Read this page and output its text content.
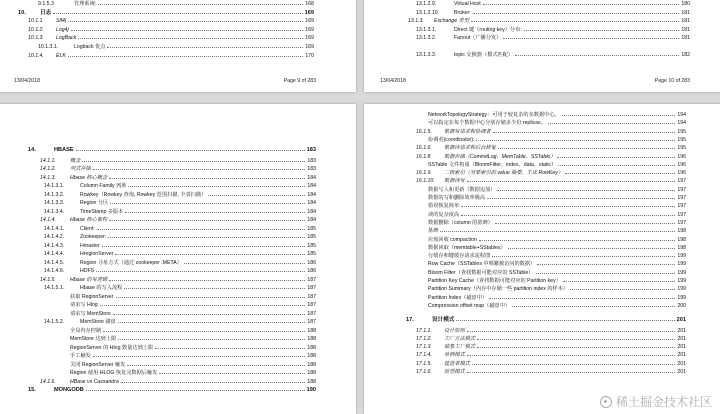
9.1.5.3	管理系统:	168
10.	日志	169
10.1.1.	Slf4j	169
10.1.2.	Log4j	169
10.1.3.	LogBack	169
10.1.3.1.	Logback 优点	169
10.1.4.	ELK	170
13/04/2018	Page 9 of 283
13.1.2.9.	Virtual Host	180
13.1.2.10.	Broker:	181
13.1.3.	Exchange 类型	181
13.1.3.1.	Direct 键（routing key）分布:	181
13.1.3.2.	Fanout（广播分发）	181
13.1.3.3.	topic 交换器（模式匹配）	182
13/04/2018	Page 10 of 283
14.	HBASE	183
14.1.1.	概念	183
14.1.2.	列式存储	183
14.1.3.	Hbase 核心概念	184
14.1.3.1.	Column Family 列族	184
14.1.3.2.	Rowkey（Rowkey 查询, Rowkey 范围扫描, 全表扫描）	184
14.1.3.3.	Region 分区	184
14.1.3.4.	TimeStamp 多版本	184
14.1.4.	Hbase 核心架构	184
14.1.4.1.	Client:	185
14.1.4.2.	Zookeeper:	185
14.1.4.3.	Hmaster	185
14.1.4.4.	HregionServer	185
14.1.4.5.	Region 寻址方式（通过 zookeeper .META）	186
14.1.4.6.	HDFS	186
14.1.5.	Hbase 的写逻辑	187
14.1.5.1.	Hbase 的写入流程	187
获取 RegionServer	187
请求写 Hlog	187
请求写 MemStore	187
14.1.5.2.	MemStore 刷盘	187
全局内存控制	188
MemStore 达到上限	188
RegionServer 的 Hlog 数量达到上限	188
手工触发	188
关闭 RegionServer 触发	188
Region 使用 HLOG 恢复完数据后触发	188
14.1.6.	HBase vs Cassandra	188
15.	MONGODB	190
NetworkTopologyStrategy：可用于较复杂的多数据中心。	194
可以指定在每个数据中心分别存储多少份 replicas。	194
16.1.5.	数据写请求和协调者	195
协调者(coordinator):	195
16.1.6.	数据读请求和后台修复	195
16.1.8.	数据存储（CommitLog、MemTable、SSTable）	196
SSTable 文件构成（BloomFilter、index、data、static）	196
16.1.9.	二级索引（对要索引的 value 摘要，生成 RowKey）	196
16.1.10.	数据读写	197
数据写入和更新（数据追加）	197
数据的写和删除效率极高	197
错误恢复简单	197
读的复杂度高	197
数据删除（column 的墓碑）	197
墓碑	198
垃圾回收 compaction	198
数据读取（memtable+SStables）	198
行缓存和键缓存请求流程图	199
Row Cache（SSTables 中频繁被访问的数据）	199
Bloom Filter（查找数据可能对应的 SSTable）	199
Partition Key Cache（查找数据可能对应的 Partition key）	199
Partition Summary（内存中存储一些 partition index 的样本）	199
Partition Index（磁盘中）	199
Compression offset map（磁盘中）	200
17.	设计模式	201
17.1.1.	设计原则	201
17.1.2.	工厂方法模式	201
17.1.3.	抽象工厂模式	201
17.1.4.	单例模式	201
17.1.5.	建造者模式	201
17.1.6.	原型模式	201
稀土掘金技术社区
